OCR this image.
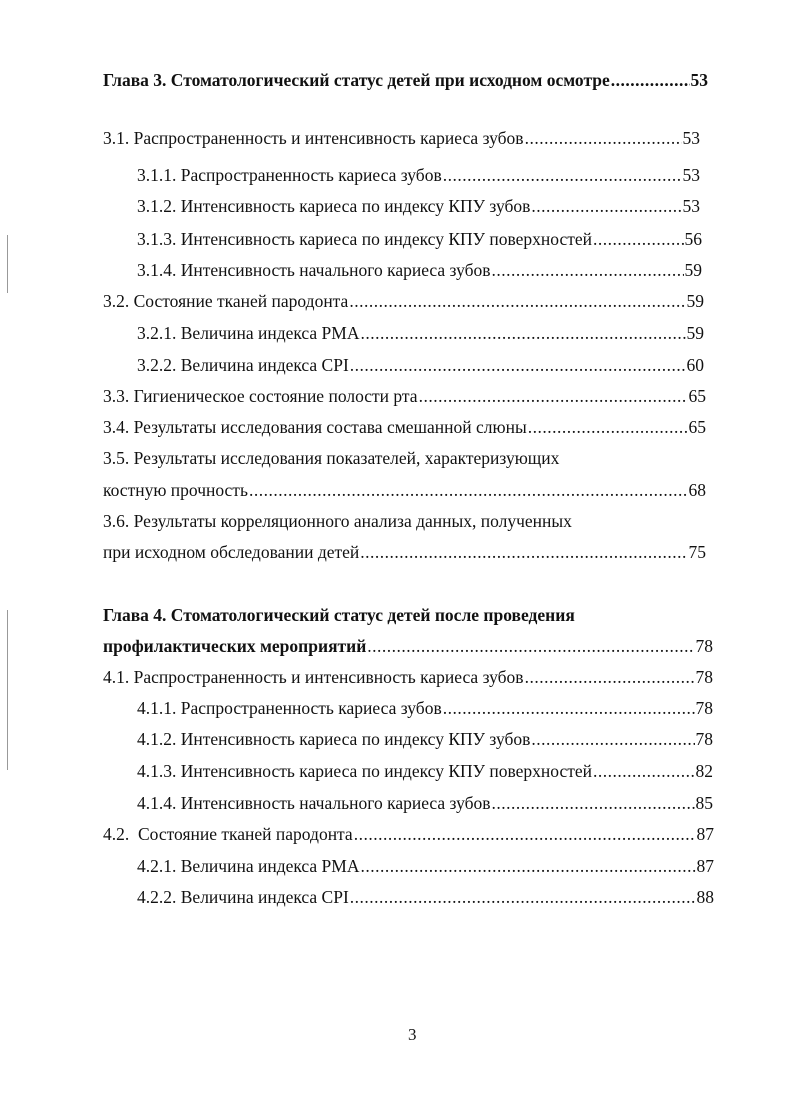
Глава 3. Стоматологический статус детей при исходном осмотре .....	53
3.1. Распространенность и интенсивность кариеса зубов .....	53
3.1.1. Распространенность кариеса зубов .....	53
3.1.2. Интенсивность кариеса по индексу КПУ зубов .....	53
3.1.3. Интенсивность кариеса по индексу КПУ поверхностей .....	56
3.1.4. Интенсивность начального кариеса зубов .....	59
3.2. Состояние тканей пародонта .....	59
3.2.1. Величина индекса РМА .....	59
3.2.2. Величина индекса CPI .....	60
3.3. Гигиеническое состояние полости рта .....	65
3.4. Результаты исследования состава смешанной слюны .....	65
3.5. Результаты исследования показателей, характеризующих
костную прочность .....	68
3.6. Результаты корреляционного анализа данных, полученных
при исходном обследовании детей .....	75
Глава 4. Стоматологический статус детей после проведения
профилактических мероприятий .....	78
4.1. Распространенность и интенсивность кариеса зубов .....	78
4.1.1. Распространенность кариеса зубов .....	78
4.1.2. Интенсивность кариеса по индексу КПУ зубов .....	78
4.1.3. Интенсивность кариеса по индексу КПУ поверхностей .....	82
4.1.4. Интенсивность начального кариеса зубов .....	85
4.2.  Состояние тканей пародонта .....	87
4.2.1. Величина индекса РМА .....	87
4.2.2. Величина индекса CPI .....	88
3
